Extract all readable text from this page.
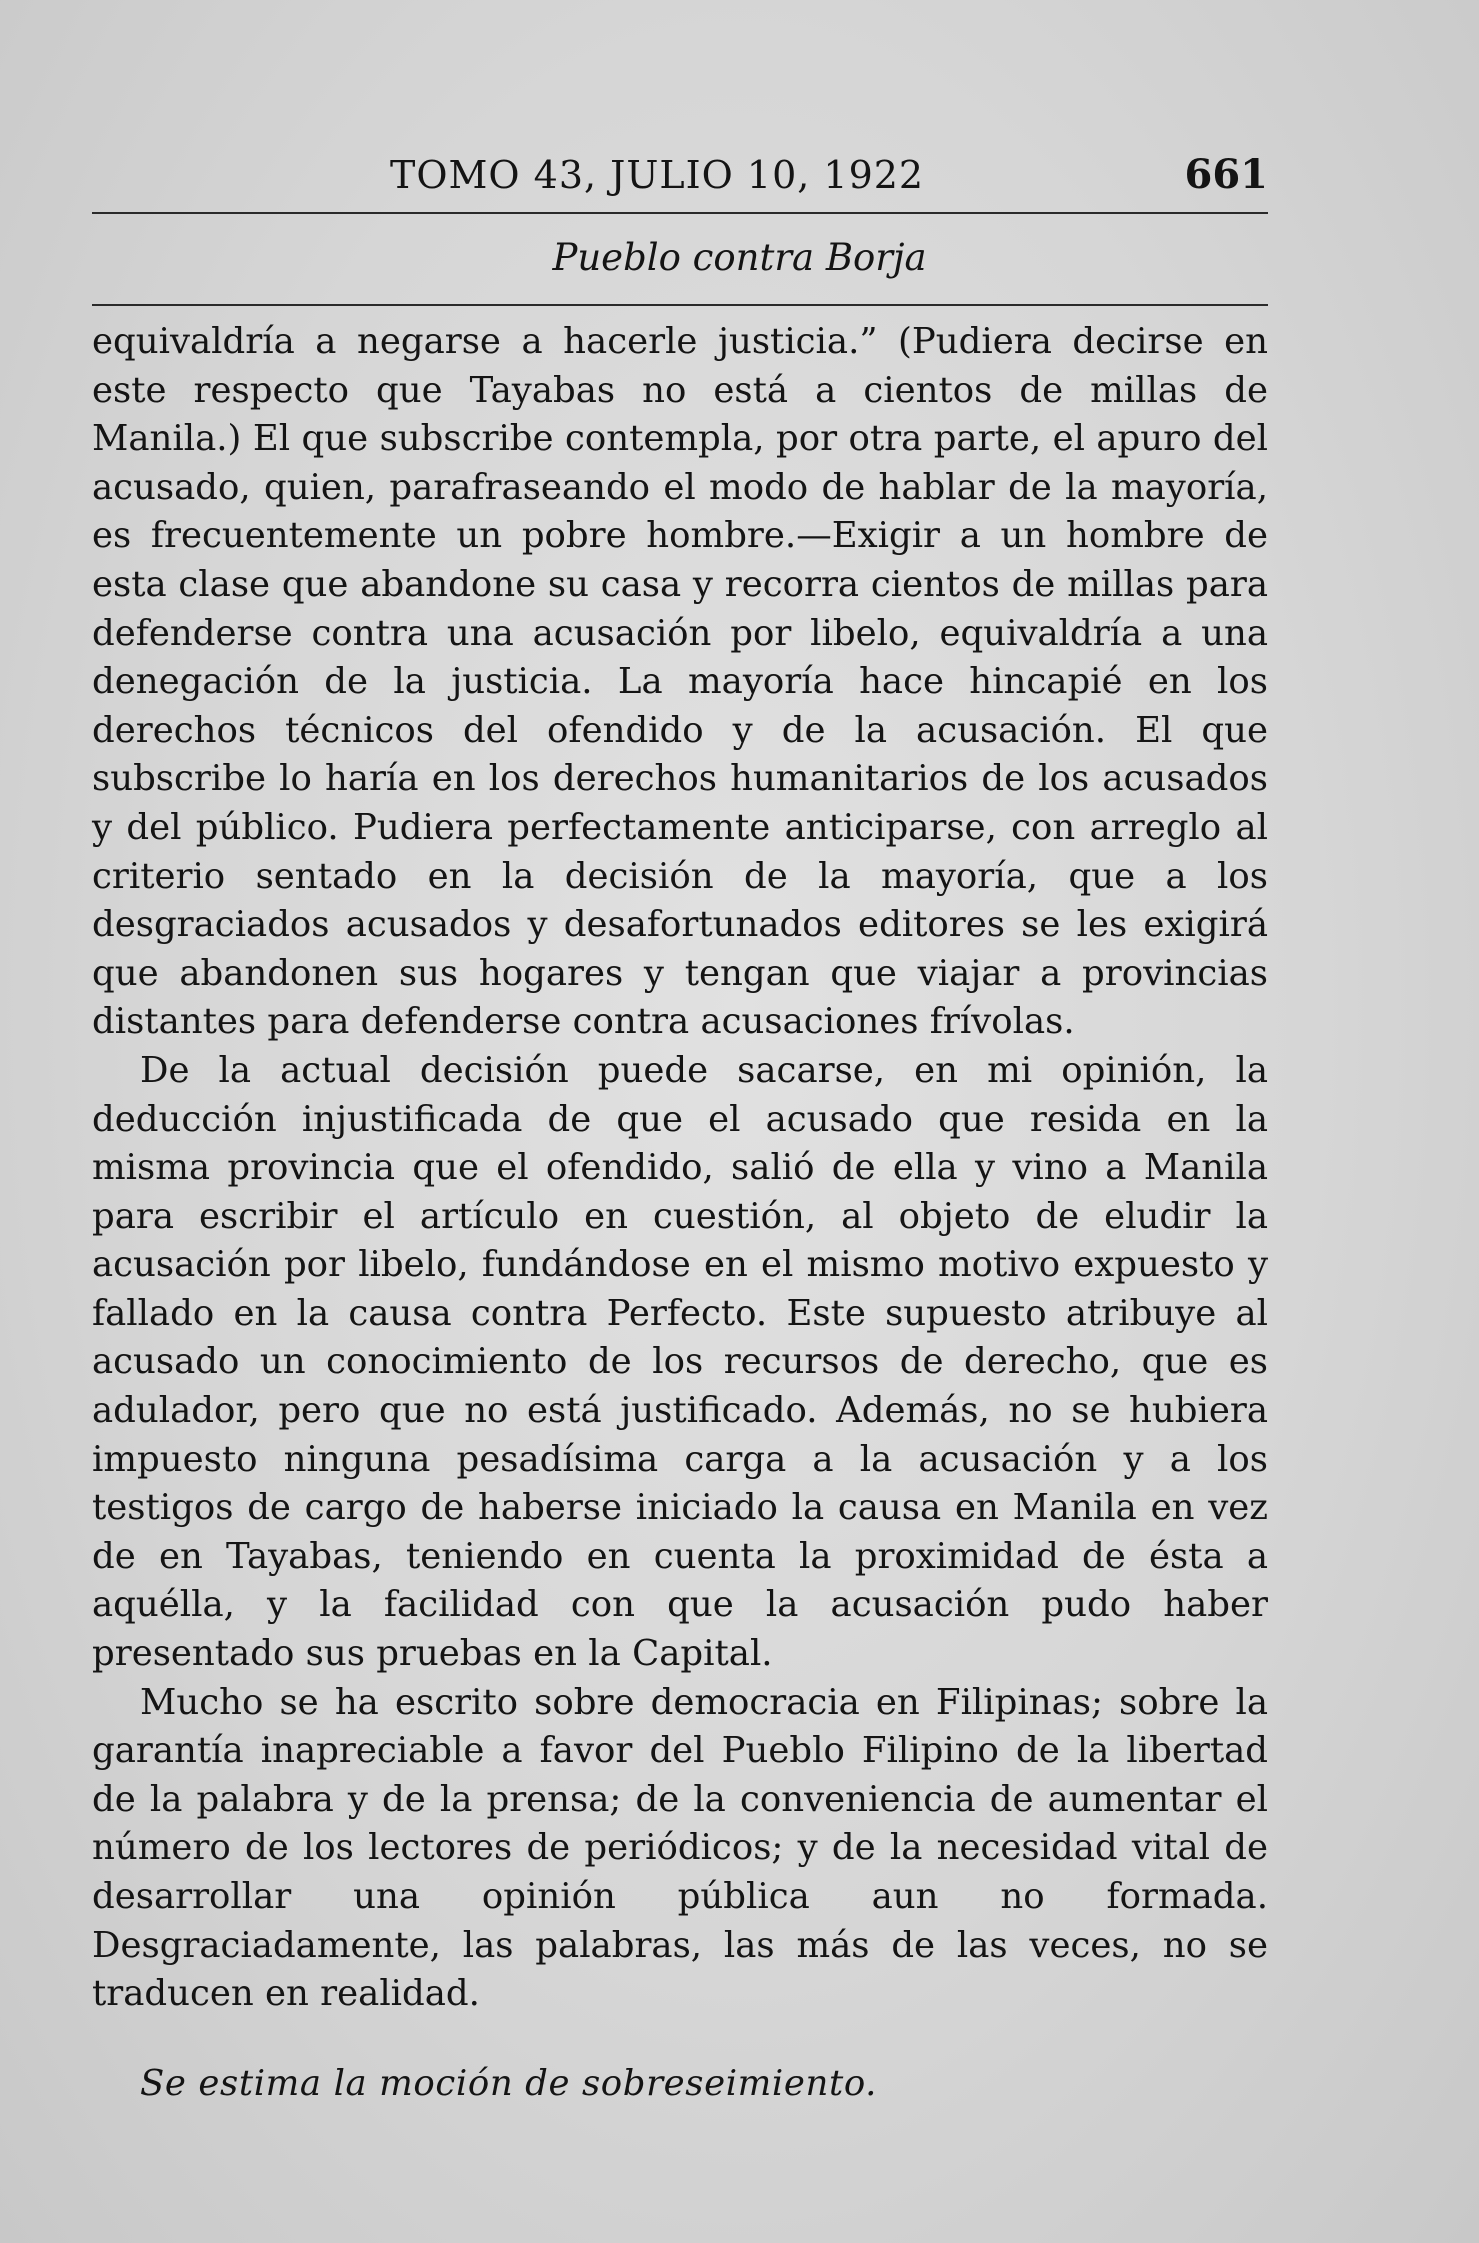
TOMO 43, JULIO 10, 1922	661
Pueblo contra Borja

equivaldría a negarse a hacerle justicia.” (Pudiera decirse en este respecto que Tayabas no está a cientos de millas de Manila.) El que subscribe contempla, por otra parte, el apuro del acusado, quien, parafraseando el modo de hablar de la mayoría, es frecuentemente un pobre hombre.—Exigir a un hombre de esta clase que abandone su casa y recorra cientos de millas para defenderse contra una acusación por libelo, equivaldría a una denegación de la justicia. La mayoría hace hincapié en los derechos técnicos del ofendido y de la acusación. El que subscribe lo haría en los derechos humanitarios de los acusados y del público. Pudiera perfectamente anticiparse, con arreglo al criterio sentado en la decisión de la mayoría, que a los desgraciados acusados y desafortunados editores se les exigirá que abandonen sus hogares y tengan que viajar a provincias distantes para defenderse contra acusaciones frívolas.

De la actual decisión puede sacarse, en mi opinión, la deducción injustificada de que el acusado que resida en la misma provincia que el ofendido, salió de ella y vino a Manila para escribir el artículo en cuestión, al objeto de eludir la acusación por libelo, fundándose en el mismo motivo expuesto y fallado en la causa contra Perfecto. Este supuesto atribuye al acusado un conocimiento de los recursos de derecho, que es adulador, pero que no está justificado. Además, no se hubiera impuesto ninguna pesadísima carga a la acusación y a los testigos de cargo de haberse iniciado la causa en Manila en vez de en Tayabas, teniendo en cuenta la proximidad de ésta a aquélla, y la facilidad con que la acusación pudo haber presentado sus pruebas en la Capital.

Mucho se ha escrito sobre democracia en Filipinas; sobre la garantía inapreciable a favor del Pueblo Filipino de la libertad de la palabra y de la prensa; de la conveniencia de aumentar el número de los lectores de periódicos; y de la necesidad vital de desarrollar una opinión pública aun no formada. Desgraciadamente, las palabras, las más de las veces, no se traducen en realidad.

Se estima la moción de sobreseimiento.
